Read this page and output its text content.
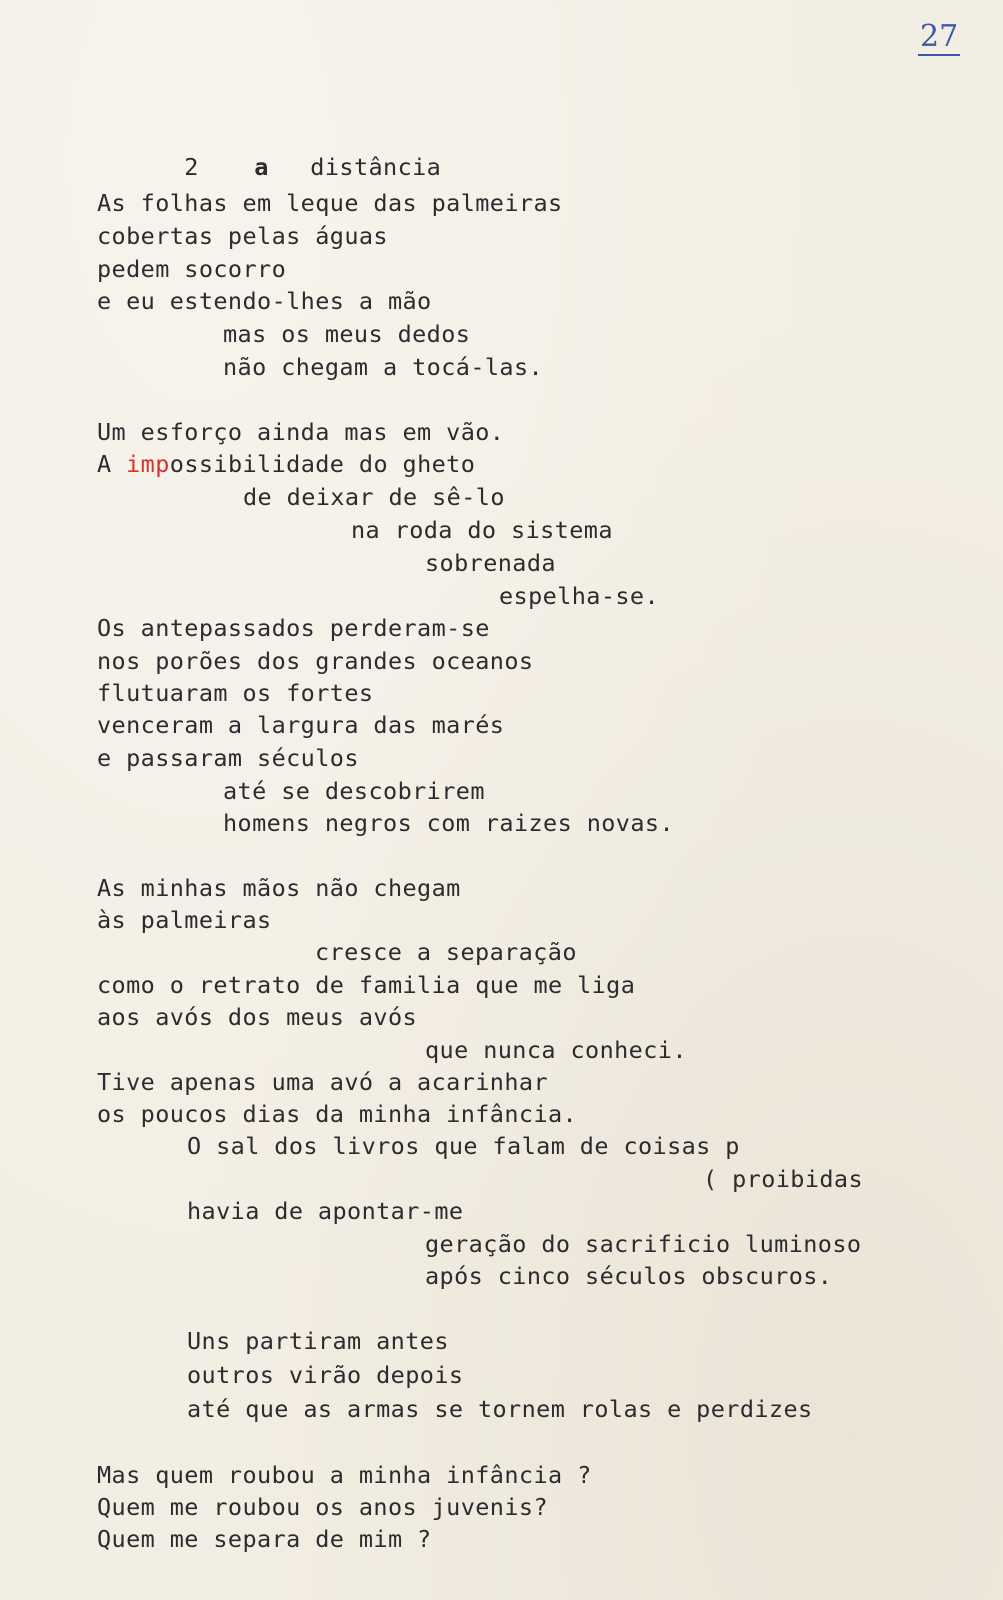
27

2 a distância

As folhas em leque das palmeiras
cobertas pelas águas
pedem socorro
e eu estendo-lhes a mão
mas os meus dedos
não chegam a tocá-las.
Um esforço ainda mas em vão.
A impossibilidade do gheto
de deixar de sê-lo
na roda do sistema
sobrenada
espelha-se.
Os antepassados perderam-se
nos porões dos grandes oceanos
flutuaram os fortes
venceram a largura das marés
e passaram séculos
até se descobrirem
homens negros com raizes novas.
As minhas mãos não chegam
às palmeiras
cresce a separação
como o retrato de familia que me liga
aos avós dos meus avós
que nunca conheci.
Tive apenas uma avó a acarinhar
os poucos dias da minha infância.
O sal dos livros que falam de coisas p
( proibidas
havia de apontar-me
geração do sacrificio luminoso
após cinco séculos obscuros.
Uns partiram antes
outros virão depois
até que as armas se tornem rolas e perdizes
Mas quem roubou a minha infância ?
Quem me roubou os anos juvenis?
Quem me separa de mim ?
